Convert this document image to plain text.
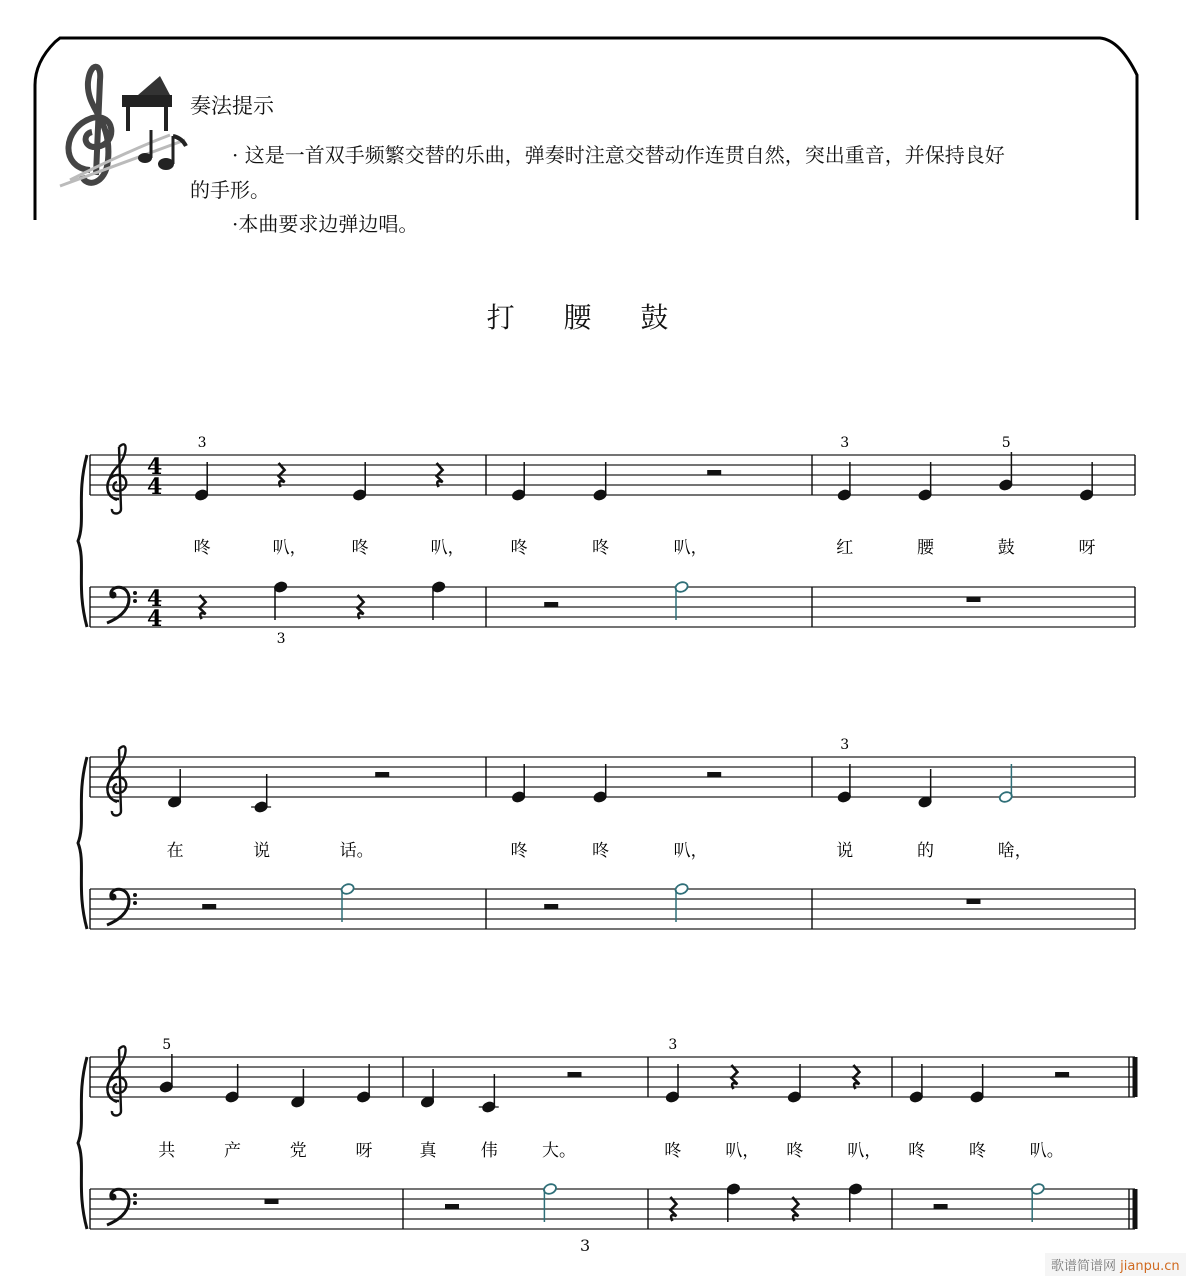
奏法提示
· 这是一首双手频繁交替的乐曲，弹奏时注意交替动作连贯自然，突出重音，并保持良好
的手形。
·本曲要求边弹边唱。
打 腰 鼓
4
4
4
4
3
3
咚	叭，	咚	叭，	咚	咚	叭，
3	5
红	腰	鼓	呀
在	说	话。	咚	咚	叭，
3
说	的	啥，
5
共	产	党	呀	真	伟	大。
3
咚	叭， 咚	叭， 咚	咚	叭。
3
歌谱简谱网 jianpu.cn
